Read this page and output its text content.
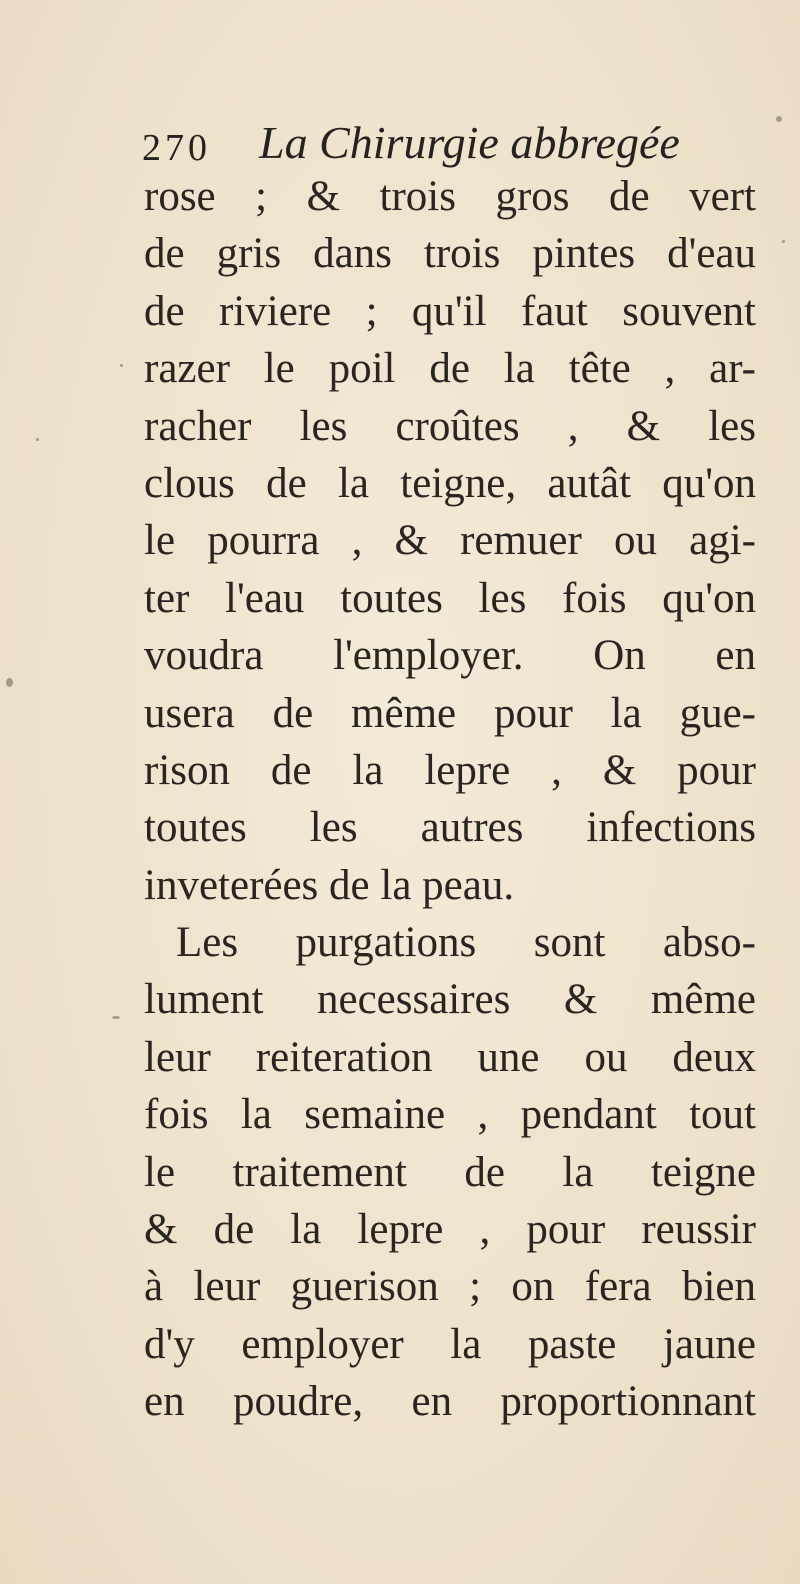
270 La Chirurgie abbregée
rose ; & trois gros de vert
de gris dans trois pintes d'eau
de riviere ; qu'il faut souvent
razer le poil de la tête , ar-
racher les croûtes , & les
clous de la teigne, autât qu'on
le pourra , & remuer ou agi-
ter l'eau toutes les fois qu'on
voudra l'employer. On en
usera de même pour la gue-
rison de la lepre , & pour
toutes les autres infections
inveterées de la peau.
Les purgations sont abso-
lument necessaires & même
leur reiteration une ou deux
fois la semaine , pendant tout
le traitement de la teigne
& de la lepre , pour reussir
à leur guerison ; on fera bien
d'y employer la paste jaune
en poudre, en proportionnant
